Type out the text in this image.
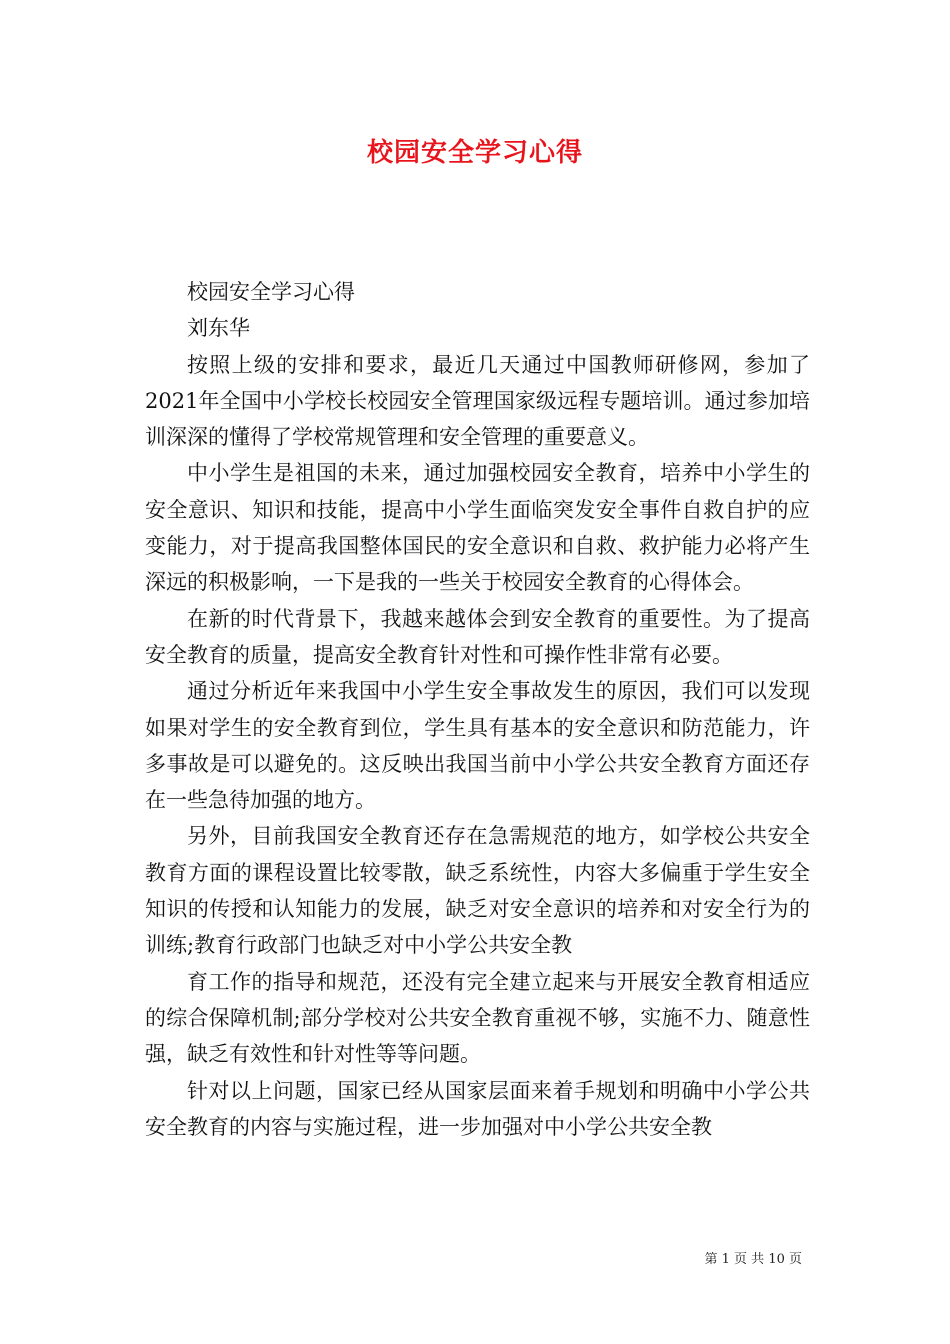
校园安全学习心得

校园安全学习心得

刘东华

按照上级的安排和要求，最近几天通过中国教师研修网，参加了2021年全国中小学校长校园安全管理国家级远程专题培训。通过参加培训深深的懂得了学校常规管理和安全管理的重要意义。

中小学生是祖国的未来，通过加强校园安全教育，培养中小学生的安全意识、知识和技能，提高中小学生面临突发安全事件自救自护的应变能力，对于提高我国整体国民的安全意识和自救、救护能力必将产生深远的积极影响，一下是我的一些关于校园安全教育的心得体会。

在新的时代背景下，我越来越体会到安全教育的重要性。为了提高安全教育的质量，提高安全教育针对性和可操作性非常有必要。

通过分析近年来我国中小学生安全事故发生的原因，我们可以发现如果对学生的安全教育到位，学生具有基本的安全意识和防范能力，许多事故是可以避免的。这反映出我国当前中小学公共安全教育方面还存在一些急待加强的地方。

另外，目前我国安全教育还存在急需规范的地方，如学校公共安全教育方面的课程设置比较零散，缺乏系统性，内容大多偏重于学生安全知识的传授和认知能力的发展，缺乏对安全意识的培养和对安全行为的训练;教育行政部门也缺乏对中小学公共安全教

育工作的指导和规范，还没有完全建立起来与开展安全教育相适应的综合保障机制;部分学校对公共安全教育重视不够，实施不力、随意性强，缺乏有效性和针对性等等问题。

针对以上问题，国家已经从国家层面来着手规划和明确中小学公共安全教育的内容与实施过程，进一步加强对中小学公共安全教

第 1 页 共 10 页
